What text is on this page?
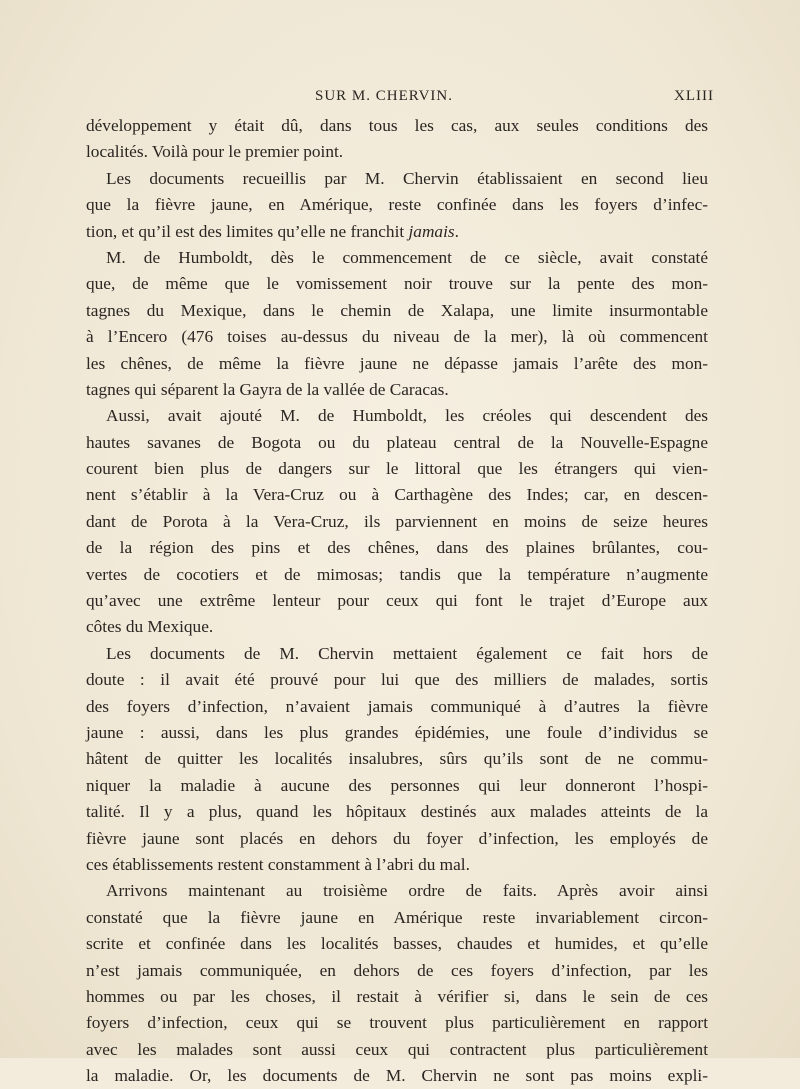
SUR M. CHERVIN.	XLIII
développement y était dû, dans tous les cas, aux seules conditions des
localités. Voilà pour le premier point.
Les documents recueillis par M. Chervin établissaient en second lieu
que la fièvre jaune, en Amérique, reste confinée dans les foyers d’infec-
tion, et qu’il est des limites qu’elle ne franchit jamais.
M. de Humboldt, dès le commencement de ce siècle, avait constaté
que, de même que le vomissement noir trouve sur la pente des mon-
tagnes du Mexique, dans le chemin de Xalapa, une limite insurmontable
à l’Encero (476 toises au-dessus du niveau de la mer), là où commencent
les chênes, de même la fièvre jaune ne dépasse jamais l’arête des mon-
tagnes qui séparent la Gayra de la vallée de Caracas.
Aussi, avait ajouté M. de Humboldt, les créoles qui descendent des
hautes savanes de Bogota ou du plateau central de la Nouvelle-Espagne
courent bien plus de dangers sur le littoral que les étrangers qui vien-
nent s’établir à la Vera-Cruz ou à Carthagène des Indes; car, en descen-
dant de Porota à la Vera-Cruz, ils parviennent en moins de seize heures
de la région des pins et des chênes, dans des plaines brûlantes, cou-
vertes de cocotiers et de mimosas; tandis que la température n’augmente
qu’avec une extrême lenteur pour ceux qui font le trajet d’Europe aux
côtes du Mexique.
Les documents de M. Chervin mettaient également ce fait hors de
doute : il avait été prouvé pour lui que des milliers de malades, sortis
des foyers d’infection, n’avaient jamais communiqué à d’autres la fièvre
jaune : aussi, dans les plus grandes épidémies, une foule d’individus se
hâtent de quitter les localités insalubres, sûrs qu’ils sont de ne commu-
niquer la maladie à aucune des personnes qui leur donneront l’hospi-
talité. Il y a plus, quand les hôpitaux destinés aux malades atteints de la
fièvre jaune sont placés en dehors du foyer d’infection, les employés de
ces établissements restent constamment à l’abri du mal.
Arrivons maintenant au troisième ordre de faits. Après avoir ainsi
constaté que la fièvre jaune en Amérique reste invariablement circon-
scrite et confinée dans les localités basses, chaudes et humides, et qu’elle
n’est jamais communiquée, en dehors de ces foyers d’infection, par les
hommes ou par les choses, il restait à vérifier si, dans le sein de ces
foyers d’infection, ceux qui se trouvent plus particulièrement en rapport
avec les malades sont aussi ceux qui contractent plus particulièrement
la maladie. Or, les documents de M. Chervin ne sont pas moins expli-
